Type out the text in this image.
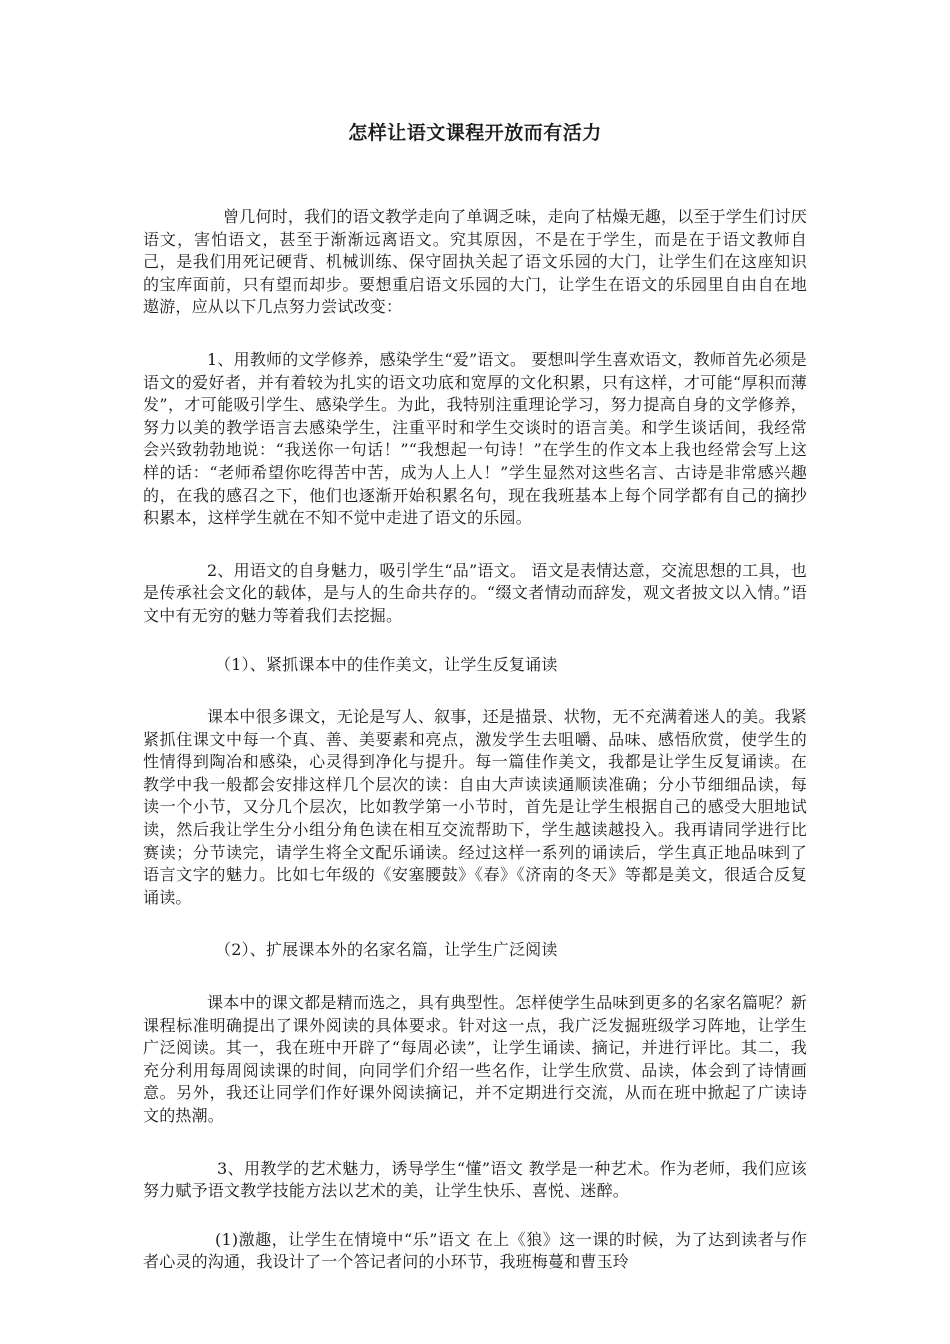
怎样让语文课程开放而有活力

曾几何时，我们的语文教学走向了单调乏味，走向了枯燥无趣，以至于学生们讨厌语文，害怕语文，甚至于渐渐远离语文。究其原因，不是在于学生，而是在于语文教师自己，是我们用死记硬背、机械训练、保守固执关起了语文乐园的大门，让学生们在这座知识的宝库面前，只有望而却步。要想重启语文乐园的大门，让学生在语文的乐园里自由自在地遨游，应从以下几点努力尝试改变：

1、用教师的文学修养，感染学生“爱”语文。 要想叫学生喜欢语文，教师首先必须是语文的爱好者，并有着较为扎实的语文功底和宽厚的文化积累，只有这样，才可能“厚积而薄发”，才可能吸引学生、感染学生。为此，我特别注重理论学习，努力提高自身的文学修养，努力以美的教学语言去感染学生，注重平时和学生交谈时的语言美。和学生谈话间，我经常会兴致勃勃地说：“我送你一句话！”“我想起一句诗！”在学生的作文本上我也经常会写上这样的话：“老师希望你吃得苦中苦，成为人上人！”学生显然对这些名言、古诗是非常感兴趣的，在我的感召之下，他们也逐渐开始积累名句，现在我班基本上每个同学都有自己的摘抄积累本，这样学生就在不知不觉中走进了语文的乐园。

2、用语文的自身魅力，吸引学生“品”语文。 语文是表情达意，交流思想的工具，也是传承社会文化的载体，是与人的生命共存的。“缀文者情动而辞发，观文者披文以入情。”语文中有无穷的魅力等着我们去挖掘。

（1）、紧抓课本中的佳作美文，让学生反复诵读

课本中很多课文，无论是写人、叙事，还是描景、状物，无不充满着迷人的美。我紧紧抓住课文中每一个真、善、美要素和亮点，激发学生去咀嚼、品味、感悟欣赏，使学生的性情得到陶冶和感染，心灵得到净化与提升。每一篇佳作美文，我都是让学生反复诵读。在教学中我一般都会安排这样几个层次的读：自由大声读读通顺读准确；分小节细细品读，每读一个小节，又分几个层次，比如教学第一小节时，首先是让学生根据自己的感受大胆地试读，然后我让学生分小组分角色读在相互交流帮助下，学生越读越投入。我再请同学进行比赛读；分节读完，请学生将全文配乐诵读。经过这样一系列的诵读后，学生真正地品味到了语言文字的魅力。比如七年级的《安塞腰鼓》《春》《济南的冬天》等都是美文，很适合反复诵读。

（2）、扩展课本外的名家名篇，让学生广泛阅读

课本中的课文都是精而选之，具有典型性。怎样使学生品味到更多的名家名篇呢？新课程标准明确提出了课外阅读的具体要求。针对这一点，我广泛发掘班级学习阵地，让学生广泛阅读。其一，我在班中开辟了“每周必读”，让学生诵读、摘记，并进行评比。其二，我充分利用每周阅读课的时间，向同学们介绍一些名作，让学生欣赏、品读，体会到了诗情画意。另外，我还让同学们作好课外阅读摘记，并不定期进行交流，从而在班中掀起了广读诗文的热潮。

3、用教学的艺术魅力，诱导学生“懂”语文 教学是一种艺术。作为老师，我们应该努力赋予语文教学技能方法以艺术的美，让学生快乐、喜悦、迷醉。

(1)激趣，让学生在情境中“乐”语文 在上《狼》这一课的时候，为了达到读者与作者心灵的沟通，我设计了一个答记者问的小环节，我班梅蔓和曹玉玲
